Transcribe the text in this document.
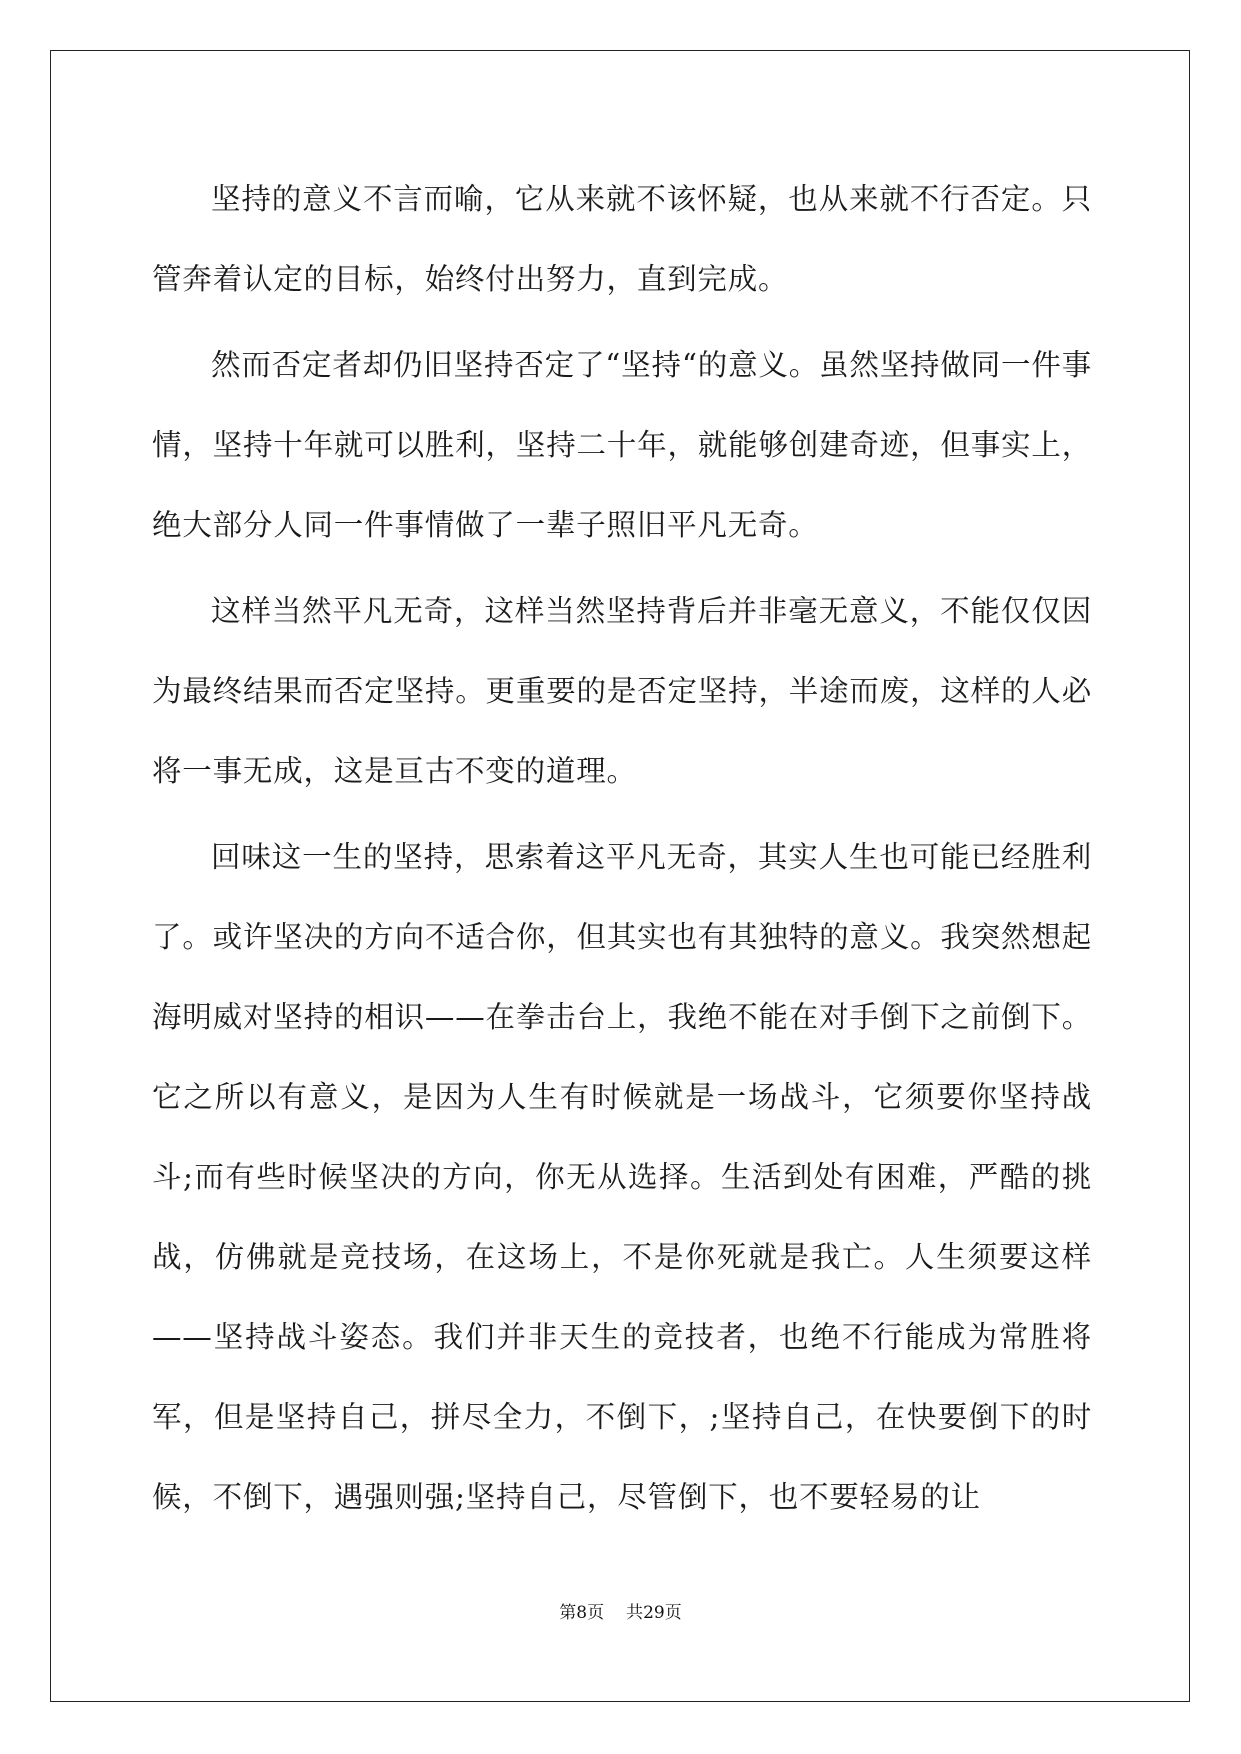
坚持的意义不言而喻，它从来就不该怀疑，也从来就不行否定。只管奔着认定的目标，始终付出努力，直到完成。

然而否定者却仍旧坚持否定了“坚持“的意义。虽然坚持做同一件事情，坚持十年就可以胜利，坚持二十年，就能够创建奇迹，但事实上，绝大部分人同一件事情做了一辈子照旧平凡无奇。

这样当然平凡无奇，这样当然坚持背后并非毫无意义，不能仅仅因为最终结果而否定坚持。更重要的是否定坚持，半途而废，这样的人必将一事无成，这是亘古不变的道理。

回味这一生的坚持，思索着这平凡无奇，其实人生也可能已经胜利了。或许坚决的方向不适合你，但其实也有其独特的意义。我突然想起海明威对坚持的相识——在拳击台上，我绝不能在对手倒下之前倒下。它之所以有意义，是因为人生有时候就是一场战斗，它须要你坚持战斗;而有些时候坚决的方向，你无从选择。生活到处有困难，严酷的挑战，仿佛就是竞技场，在这场上，不是你死就是我亡。人生须要这样——坚持战斗姿态。我们并非天生的竞技者，也绝不行能成为常胜将军，但是坚持自己，拼尽全力，不倒下，;坚持自己，在快要倒下的时候，不倒下，遇强则强;坚持自己，尽管倒下，也不要轻易的让

第8页 共29页
